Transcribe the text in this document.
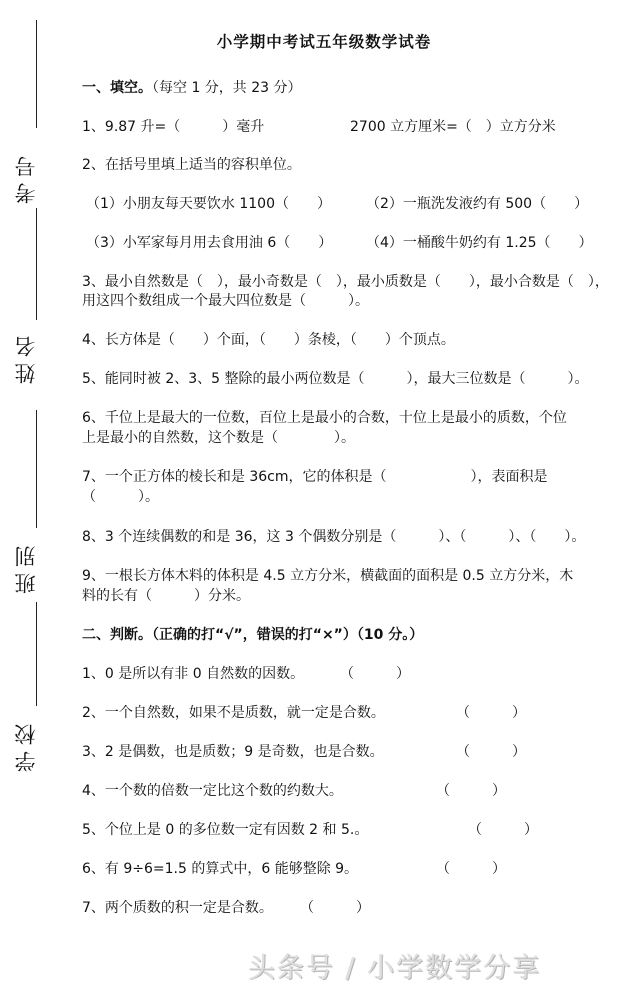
考号
姓名
班别
学校
小学期中考试五年级数学试卷
一、填空。（每空 1 分，共 23 分）
1、9.87 升=（　　　）毫升	2700 立方厘米=（　）立方分米
2、在括号里填上适当的容积单位。
（1）小朋友每天要饮水 1100（　　）	（2）一瓶洗发液约有 500（　　）
（3）小军家每月用去食用油 6（　　） （4）一桶酸牛奶约有 1.25（　　）
3、最小自然数是（　），最小奇数是（　），最小质数是（　　），最小合数是（　），
用这四个数组成一个最大四位数是（　　　）。
4、长方体是（　　）个面，（　　）条棱，（　　）个顶点。
5、能同时被 2、3、5 整除的最小两位数是（　　　），最大三位数是（　　　）。
6、千位上是最大的一位数，百位上是最小的合数，十位上是最小的质数，个位
上是最小的自然数，这个数是（　　　　）。
7、一个正方体的棱长和是 36cm，它的体积是（　　　　　　），表面积是
（　　　）。
8、3 个连续偶数的和是 36，这 3 个偶数分别是（　　　）、（　　　）、（　　）。
9、一根长方体木料的体积是 4.5 立方分米，横截面的面积是 0.5 立方分米，木
料的长有（　　　）分米。
二、判断。（正确的打“√”，错误的打“×”）（10 分。）
1、0 是所以有非 0 自然数的因数。	（　　　）
2、一个自然数，如果不是质数，就一定是合数。	（　　　）
3、2 是偶数，也是质数；9 是奇数，也是合数。	（　　　）
4、一个数的倍数一定比这个数的约数大。	（　　　）
5、个位上是 0 的多位数一定有因数 2 和 5.。	（　　　）
6、有 9÷6=1.5 的算式中，6 能够整除 9。	（　　　）
7、两个质数的积一定是合数。 （　　　）
头条号 / 小学数学分享
